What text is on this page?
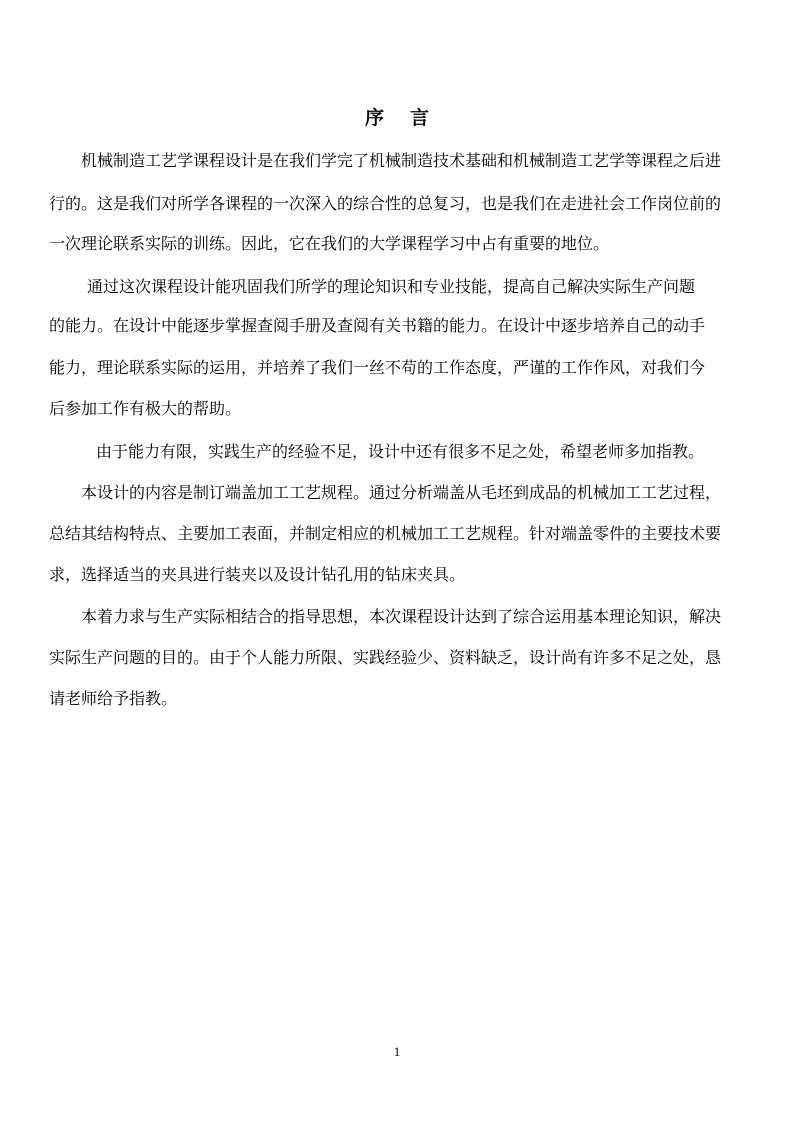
序言
机械制造工艺学课程设计是在我们学完了机械制造技术基础和机械制造工艺学等课程之后进
行的。这是我们对所学各课程的一次深入的综合性的总复习，也是我们在走进社会工作岗位前的
一次理论联系实际的训练。因此，它在我们的大学课程学习中占有重要的地位。
通过这次课程设计能巩固我们所学的理论知识和专业技能，提高自己解决实际生产问题
的能力。在设计中能逐步掌握查阅手册及查阅有关书籍的能力。在设计中逐步培养自己的动手
能力，理论联系实际的运用，并培养了我们一丝不苟的工作态度，严谨的工作作风，对我们今
后参加工作有极大的帮助。
由于能力有限，实践生产的经验不足，设计中还有很多不足之处，希望老师多加指教。
本设计的内容是制订端盖加工工艺规程。通过分析端盖从毛坯到成品的机械加工工艺过程，
总结其结构特点、主要加工表面，并制定相应的机械加工工艺规程。针对端盖零件的主要技术要
求，选择适当的夹具进行装夹以及设计钻孔用的钻床夹具。
本着力求与生产实际相结合的指导思想，本次课程设计达到了综合运用基本理论知识，解决
实际生产问题的目的。由于个人能力所限、实践经验少、资料缺乏，设计尚有许多不足之处，恳
请老师给予指教。
1
